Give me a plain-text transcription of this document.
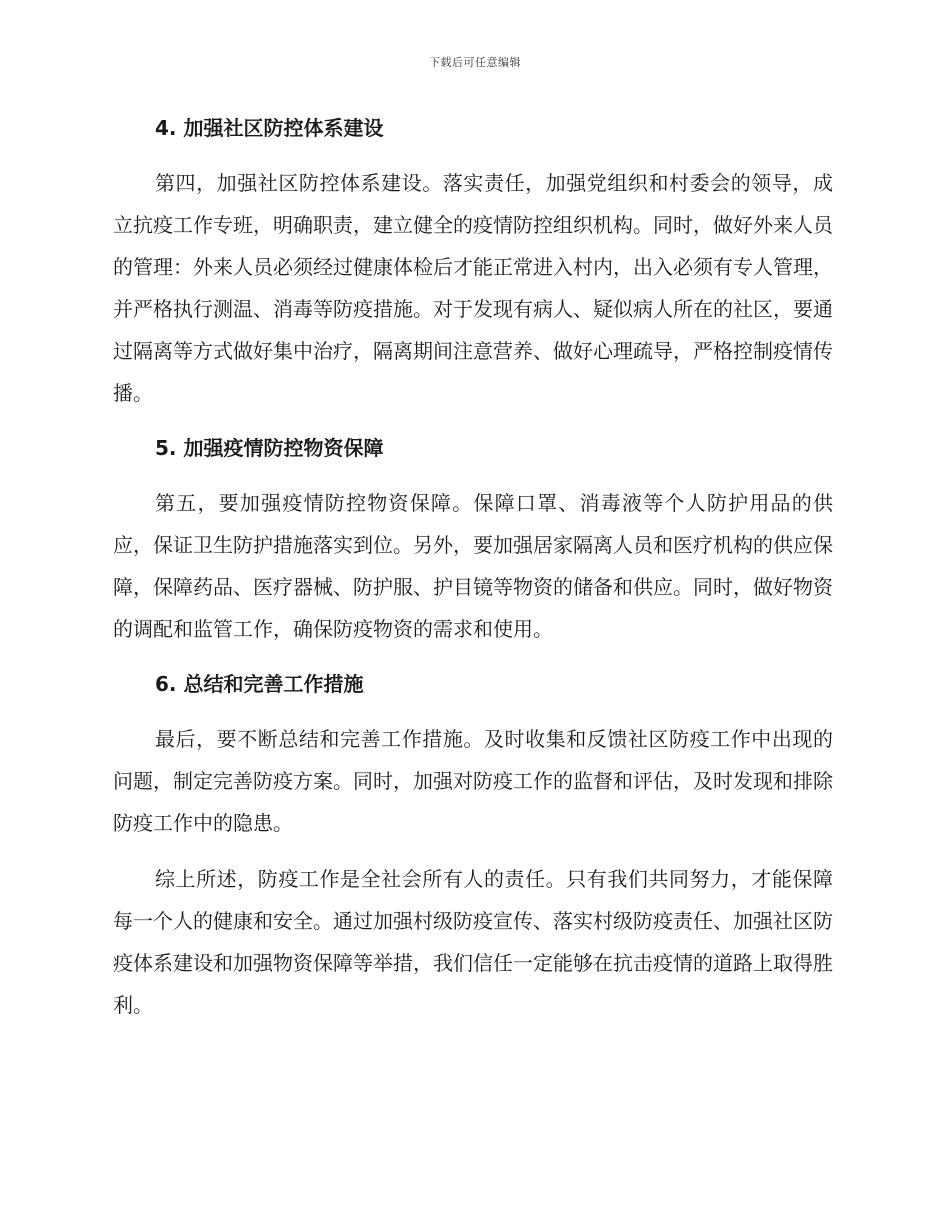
下载后可任意编辑
4. 加强社区防控体系建设

第四，加强社区防控体系建设。落实责任，加强党组织和村委会的领导，成立抗疫工作专班，明确职责，建立健全的疫情防控组织机构。同时，做好外来人员的管理：外来人员必须经过健康体检后才能正常进入村内，出入必须有专人管理，并严格执行测温、消毒等防疫措施。对于发现有病人、疑似病人所在的社区，要通过隔离等方式做好集中治疗，隔离期间注意营养、做好心理疏导，严格控制疫情传播。

5. 加强疫情防控物资保障

第五，要加强疫情防控物资保障。保障口罩、消毒液等个人防护用品的供应，保证卫生防护措施落实到位。另外，要加强居家隔离人员和医疗机构的供应保障，保障药品、医疗器械、防护服、护目镜等物资的储备和供应。同时，做好物资的调配和监管工作，确保防疫物资的需求和使用。

6. 总结和完善工作措施

最后，要不断总结和完善工作措施。及时收集和反馈社区防疫工作中出现的问题，制定完善防疫方案。同时，加强对防疫工作的监督和评估，及时发现和排除防疫工作中的隐患。

综上所述，防疫工作是全社会所有人的责任。只有我们共同努力，才能保障每一个人的健康和安全。通过加强村级防疫宣传、落实村级防疫责任、加强社区防疫体系建设和加强物资保障等举措，我们信任一定能够在抗击疫情的道路上取得胜利。
